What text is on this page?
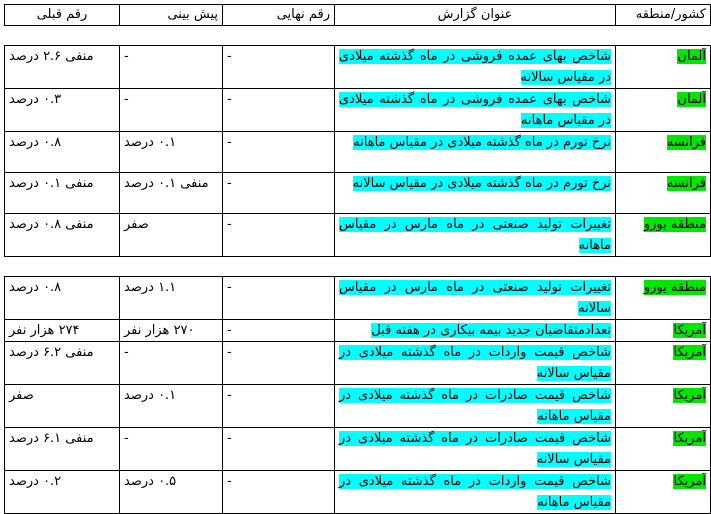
کشور/منطقه	عنوان گزارش	رقم نهایی	پیش بینی	رقم قبلی
آلمان	شاخص بهای عمده فروشی در ماه گذشته میلادی در مقیاس سالانه	-	-	منفی ۲.۶ درصد
آلمان	شاخص بهای عمده فروشی در ماه گذشته میلادی در مقیاس ماهانه	-	-	۰.۳ درصد
فرانسه	نرخ تورم در ماه گذشته میلادی در مقیاس ماهانه	-	۰.۱ درصد	۰.۸ درصد
فرانسه	نرخ تورم در ماه گذشته میلادی در مقیاس سالانه	-	منفی ۰.۱ درصد	منفی ۰.۱ درصد
منطقه یورو	تغییرات تولید صنعتی در ماه مارس در مقیاس ماهانه	-	صفر	منفی ۰.۸ درصد
منطقه یورو	تغییرات تولید صنعتی در ماه مارس در مقیاس سالانه	-	۱.۱ درصد	۰.۸ درصد
آمریکا	تعدادمتقاضیان جدید بیمه بیکاری در هفته قبل	-	۲۷۰ هزار نفر	۲۷۴ هزار نفر
آمریکا	شاخص قیمت واردات در ماه گذشته میلادی در مقیاس سالانه	-	-	منفی ۶.۲ درصد
آمریکا	شاخص قیمت صادرات در ماه گذشته میلادی در مقیاس ماهانه	-	۰.۱ درصد	صفر
آمریکا	شاخص قیمت صادرات در ماه گذشته میلادی در مقیاس سالانه	-	-	منفی ۶.۱ درصد
آمریکا	شاخص قیمت واردات در ماه گذشته میلادی در مقیاس ماهانه	-	۰.۵ درصد	۰.۲ درصد
